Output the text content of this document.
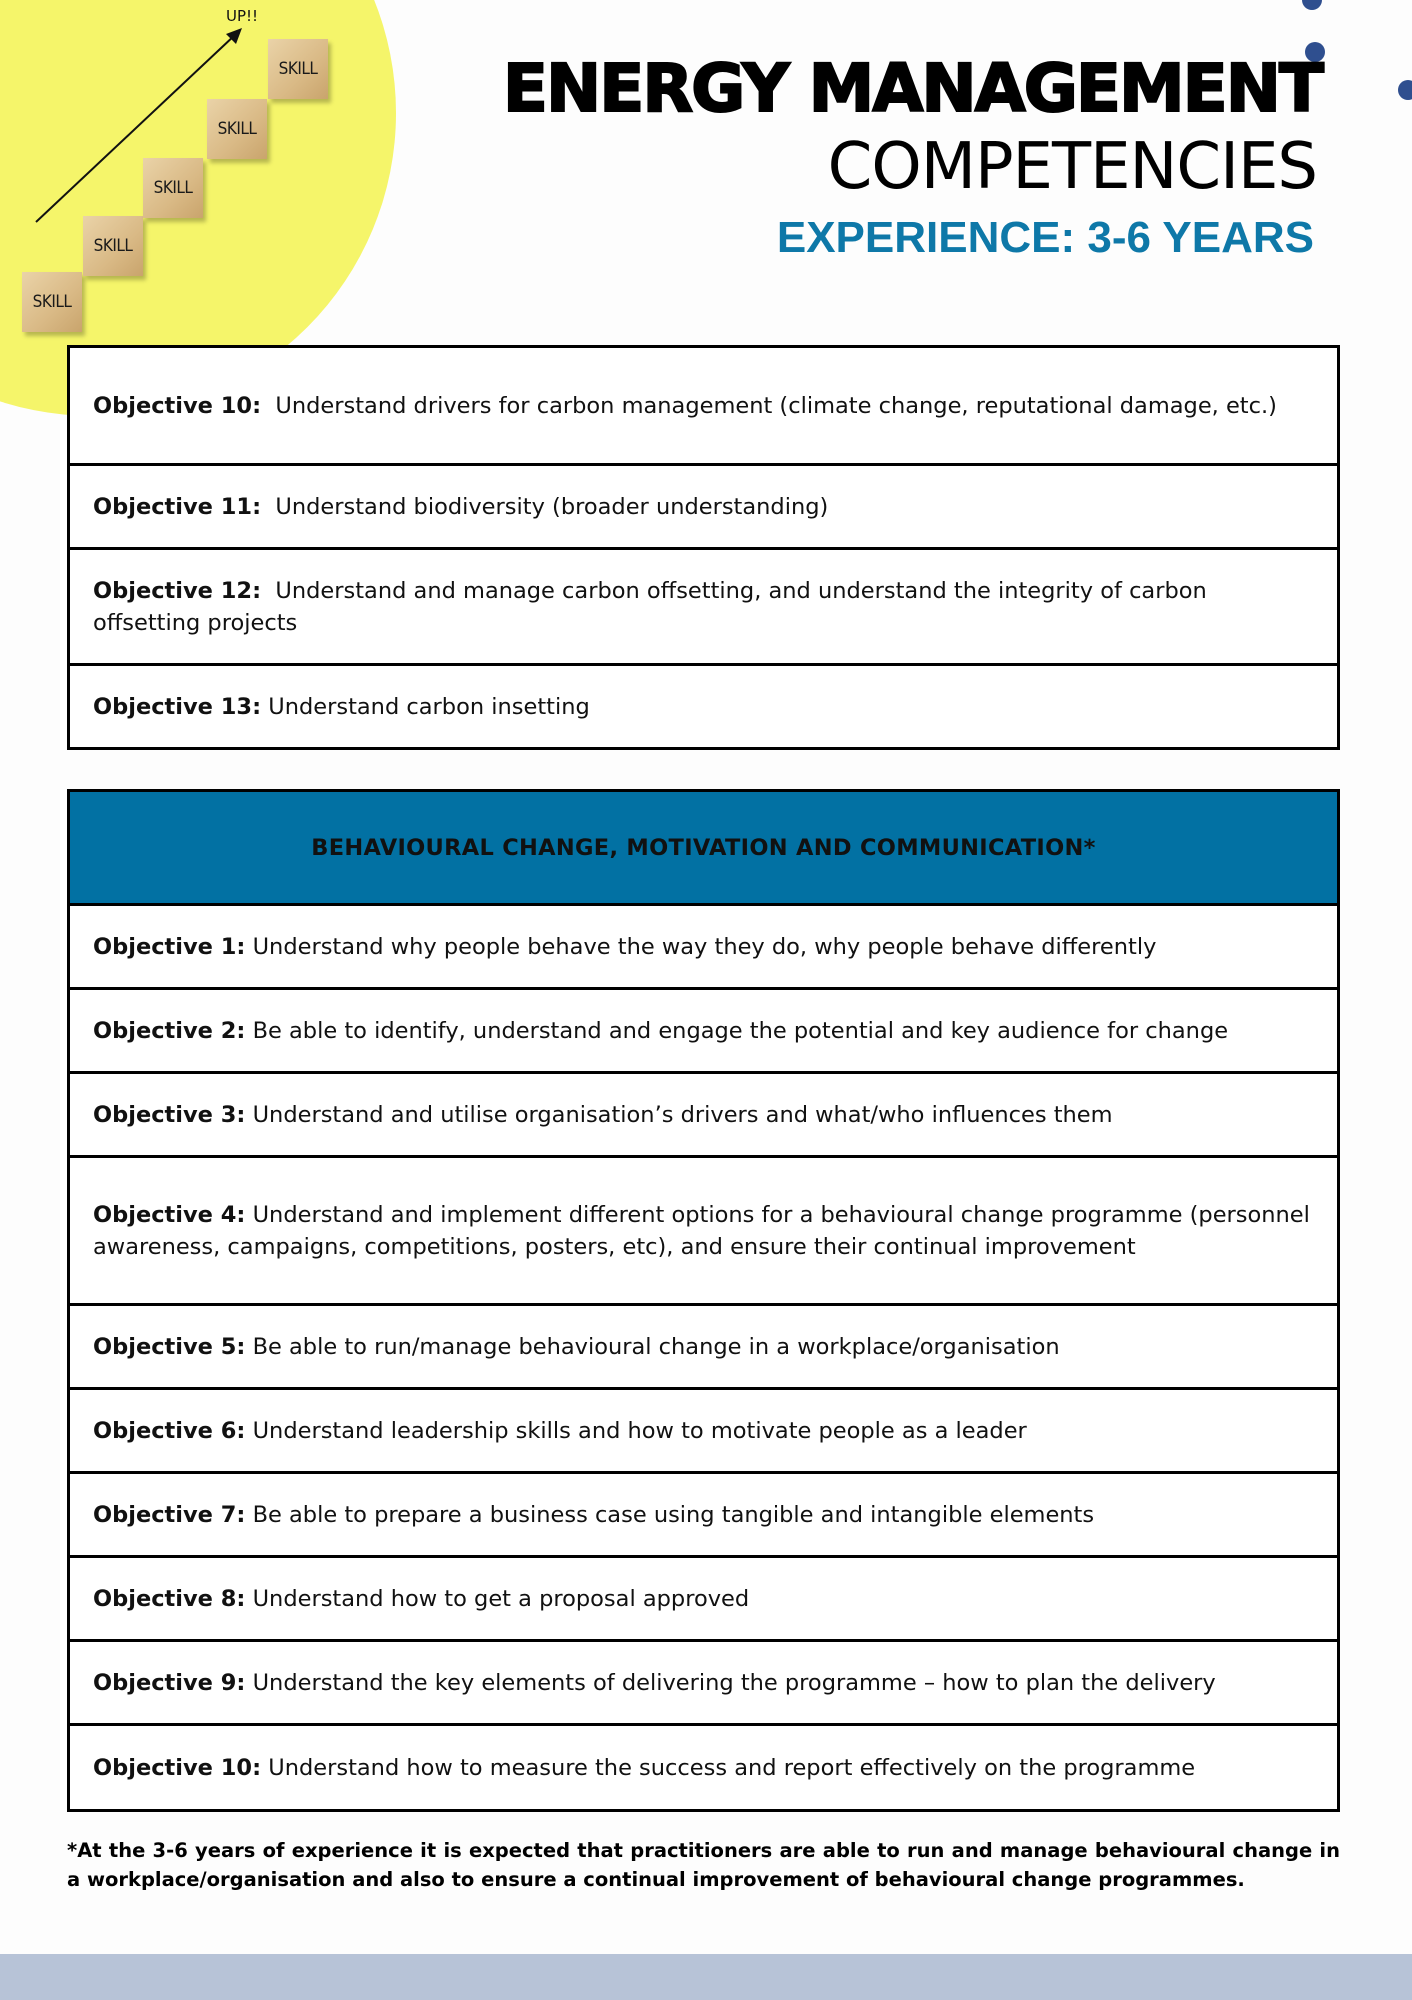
UP!!
SKILL
SKILL
SKILL
SKILL
SKILL	ENERGY MANAGEMENT
COMPETENCIES
EXPERIENCE: 3-6 YEARS
Objective 10: Understand drivers for carbon management (climate change, reputational damage, etc.)
Objective 11: Understand biodiversity (broader understanding)
Objective 12: Understand and manage carbon offsetting, and understand the integrity of carbon offsetting projects
Objective 13: Understand carbon insetting
BEHAVIOURAL CHANGE, MOTIVATION AND COMMUNICATION*
Objective 1: Understand why people behave the way they do, why people behave differently
Objective 2: Be able to identify, understand and engage the potential and key audience for change
Objective 3: Understand and utilise organisation’s drivers and what/who influences them
Objective 4: Understand and implement different options for a behavioural change programme (personnel awareness, campaigns, competitions, posters, etc), and ensure their continual improvement
Objective 5: Be able to run/manage behavioural change in a workplace/organisation
Objective 6: Understand leadership skills and how to motivate people as a leader
Objective 7: Be able to prepare a business case using tangible and intangible elements
Objective 8: Understand how to get a proposal approved
Objective 9: Understand the key elements of delivering the programme – how to plan the delivery
Objective 10: Understand how to measure the success and report effectively on the programme
*At the 3-6 years of experience it is expected that practitioners are able to run and manage behavioural change in a workplace/organisation and also to ensure a continual improvement of behavioural change programmes.
